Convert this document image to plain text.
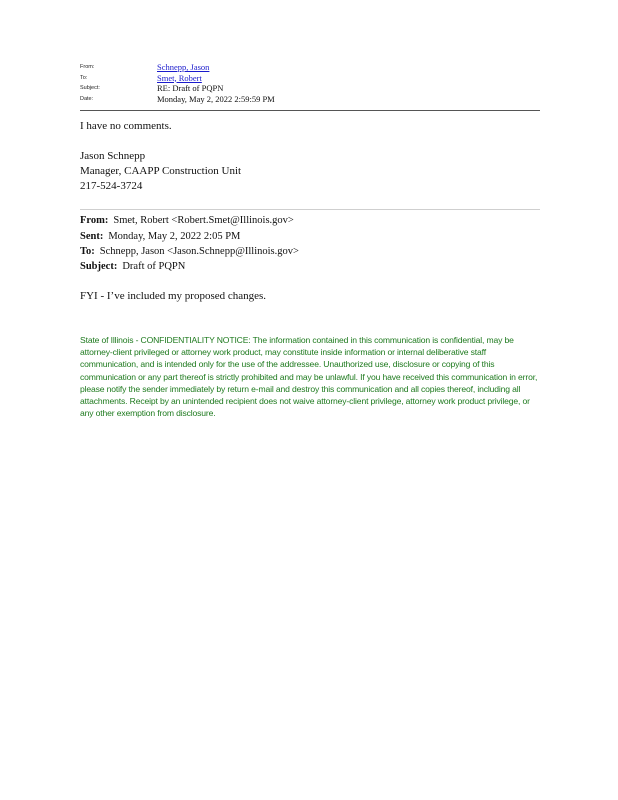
From:	Schnepp, Jason
To:	Smet, Robert
Subject:	RE: Draft of PQPN
Date:	Monday, May 2, 2022 2:59:59 PM
I have no comments.
Jason Schnepp
Manager, CAAPP Construction Unit
217-524-3724
From: Smet, Robert <Robert.Smet@Illinois.gov>
Sent: Monday, May 2, 2022 2:05 PM
To: Schnepp, Jason <Jason.Schnepp@Illinois.gov>
Subject: Draft of PQPN
FYI - I’ve included my proposed changes.
State of Illinois - CONFIDENTIALITY NOTICE: The information contained in this communication is confidential, may be attorney-client privileged or attorney work product, may constitute inside information or internal deliberative staff communication, and is intended only for the use of the addressee. Unauthorized use, disclosure or copying of this communication or any part thereof is strictly prohibited and may be unlawful. If you have received this communication in error, please notify the sender immediately by return e-mail and destroy this communication and all copies thereof, including all attachments. Receipt by an unintended recipient does not waive attorney-client privilege, attorney work product privilege, or any other exemption from disclosure.
